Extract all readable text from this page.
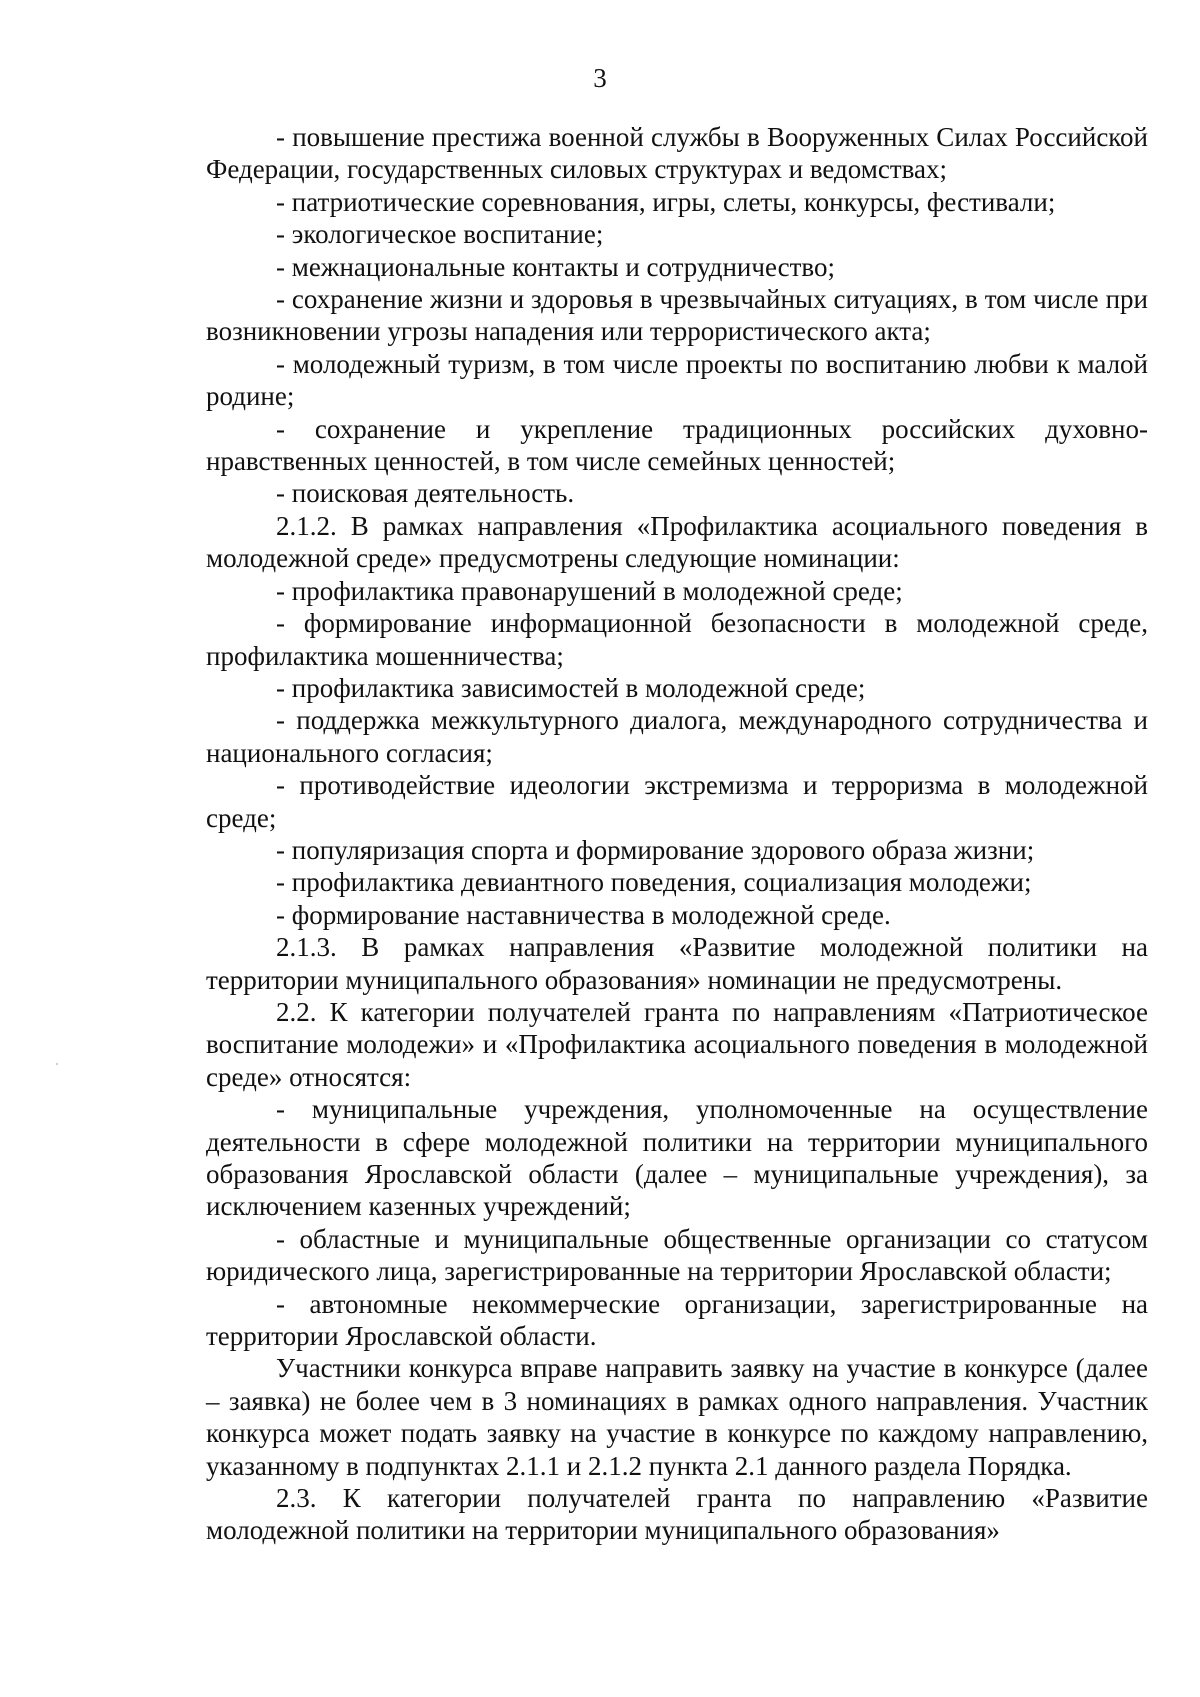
3

- повышение престижа военной службы в Вооруженных Силах Российской Федерации, государственных силовых структурах и ведомствах;

- патриотические соревнования, игры, слеты, конкурсы, фестивали;

- экологическое воспитание;

- межнациональные контакты и сотрудничество;

- сохранение жизни и здоровья в чрезвычайных ситуациях, в том числе при возникновении угрозы нападения или террористического акта;

- молодежный туризм, в том числе проекты по воспитанию любви к малой родине;

- сохранение и укрепление традиционных российских духовно-нравственных ценностей, в том числе семейных ценностей;

- поисковая деятельность.

2.1.2. В рамках направления «Профилактика асоциального поведения в молодежной среде» предусмотрены следующие номинации:

- профилактика правонарушений в молодежной среде;

- формирование информационной безопасности в молодежной среде, профилактика мошенничества;

- профилактика зависимостей в молодежной среде;

- поддержка межкультурного диалога, международного сотрудничества и национального согласия;

- противодействие идеологии экстремизма и терроризма в молодежной среде;

- популяризация спорта и формирование здорового образа жизни;

- профилактика девиантного поведения, социализация молодежи;

- формирование наставничества в молодежной среде.

2.1.3. В рамках направления «Развитие молодежной политики на территории муниципального образования» номинации не предусмотрены.

2.2. К категории получателей гранта по направлениям «Патриотическое воспитание молодежи» и «Профилактика асоциального поведения в молодежной среде» относятся:

- муниципальные учреждения, уполномоченные на осуществление деятельности в сфере молодежной политики на территории муниципального образования Ярославской области (далее – муниципальные учреждения), за исключением казенных учреждений;

- областные и муниципальные общественные организации со статусом юридического лица, зарегистрированные на территории Ярославской области;

- автономные некоммерческие организации, зарегистрированные на территории Ярославской области.

Участники конкурса вправе направить заявку на участие в конкурсе (далее – заявка) не более чем в 3 номинациях в рамках одного направления. Участник конкурса может подать заявку на участие в конкурсе по каждому направлению, указанному в подпунктах 2.1.1 и 2.1.2 пункта 2.1 данного раздела Порядка.

2.3. К категории получателей гранта по направлению «Развитие молодежной политики на территории муниципального образования»
